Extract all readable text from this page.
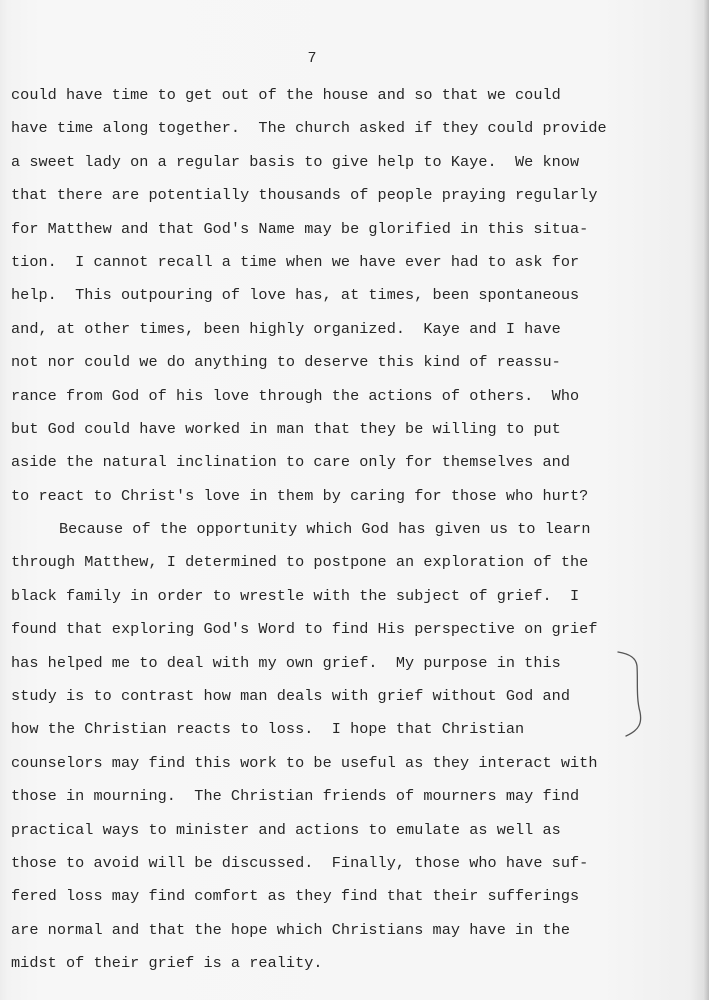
7
could have time to get out of the house and so that we could
have time along together.  The church asked if they could provide
a sweet lady on a regular basis to give help to Kaye.  We know
that there are potentially thousands of people praying regularly
for Matthew and that God's Name may be glorified in this situa-
tion.  I cannot recall a time when we have ever had to ask for
help.  This outpouring of love has, at times, been spontaneous
and, at other times, been highly organized.  Kaye and I have
not nor could we do anything to deserve this kind of reassu-
rance from God of his love through the actions of others.  Who
but God could have worked in man that they be willing to put
aside the natural inclination to care only for themselves and
to react to Christ's love in them by caring for those who hurt?
Because of the opportunity which God has given us to learn
through Matthew, I determined to postpone an exploration of the
black family in order to wrestle with the subject of grief.  I
found that exploring God's Word to find His perspective on grief
has helped me to deal with my own grief.  My purpose in this
study is to contrast how man deals with grief without God and
how the Christian reacts to loss.  I hope that Christian
counselors may find this work to be useful as they interact with
those in mourning.  The Christian friends of mourners may find
practical ways to minister and actions to emulate as well as
those to avoid will be discussed.  Finally, those who have suf-
fered loss may find comfort as they find that their sufferings
are normal and that the hope which Christians may have in the
midst of their grief is a reality.
